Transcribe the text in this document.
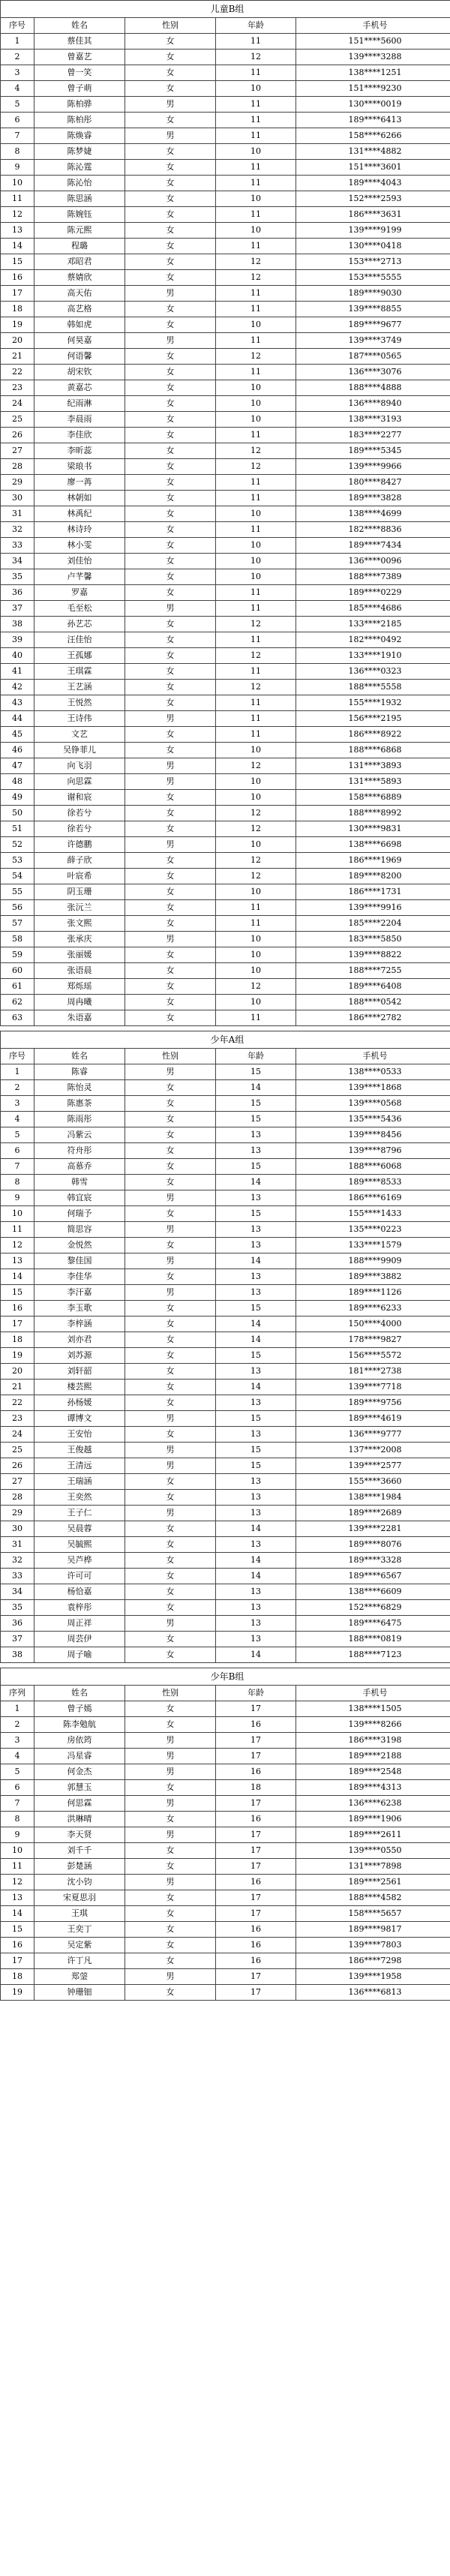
儿童B组
序号	姓名	性别	年龄	手机号
1	蔡佳其	女	11	151****5600
2	曾嘉艺	女	12	139****3288
3	曾一笑	女	11	138****1251
4	曾子萌	女	10	151****9230
5	陈柏骅	男	11	130****0019
6	陈柏彤	女	11	189****6413
7	陈焕睿	男	11	158****6266
8	陈梦婕	女	10	131****4882
9	陈沁霆	女	11	151****3601
10	陈沁怡	女	11	189****4043
11	陈思涵	女	10	152****2593
12	陈婉钰	女	11	186****3631
13	陈元熙	女	10	139****9199
14	程璐	女	11	130****0418
15	邓昭君	女	12	153****2713
16	蔡婧欣	女	12	153****5555
17	高天佑	男	11	189****9030
18	高艺格	女	11	139****8855
19	韩如虎	女	10	189****9677
20	何昊嘉	男	11	139****3749
21	何语馨	女	12	187****0565
22	胡宋钦	女	11	136****3076
23	黄嘉芯	女	10	188****4888
24	纪雨淋	女	10	136****8940
25	李晨雨	女	10	138****3193
26	李佳欣	女	11	183****2277
27	李昕蕊	女	12	189****5345
28	梁琅书	女	12	139****9966
29	廖一苒	女	11	180****8427
30	林朝如	女	11	189****3828
31	林禹纪	女	10	138****4699
32	林诗玲	女	11	182****8836
33	林小雯	女	10	189****7434
34	刘佳怡	女	10	136****0096
35	卢芊馨	女	10	188****7389
36	罗嘉	女	11	189****0229
37	毛至松	男	11	185****4686
38	孙艺芯	女	12	133****2185
39	汪佳怡	女	11	182****0492
40	王孤娜	女	12	133****1910
41	王琪霖	女	11	136****0323
42	王艺涵	女	12	188****5558
43	王悦然	女	11	155****1932
44	王诗伟	男	11	156****2195
45	文艺	女	11	186****8922
46	吴铮菲儿	女	10	188****6868
47	向飞羽	男	12	131****3893
48	向思霖	男	10	131****5893
49	谢和宸	女	10	158****6889
50	徐若兮	女	12	188****8992
51	徐若兮	女	12	130****9831
52	许德鹏	男	10	138****6698
53	薛子欣	女	12	186****1969
54	叶宸希	女	12	189****8200
55	阴玉珊	女	10	186****1731
56	张沅兰	女	11	139****9916
57	张文熙	女	11	185****2204
58	张承庆	男	10	183****5850
59	张丽媛	女	10	139****8822
60	张语晨	女	10	188****7255
61	郑烁瑶	女	12	189****6408
62	周冉曦	女	10	188****0542
63	朱语嘉	女	11	186****2782
少年A组
序号	姓名	性别	年龄	手机号
1	陈睿	男	15	138****0533
2	陈怡灵	女	14	139****1868
3	陈惠茶	女	15	139****0568
4	陈雨彤	女	15	135****5436
5	冯紫云	女	13	139****8456
6	符舟彤	女	13	139****8796
7	高慕乔	女	15	188****6068
8	韩雪	女	14	189****8533
9	韩宜宸	男	13	186****6169
10	何瑞予	女	15	155****1433
11	简思容	男	13	135****0223
12	金悦然	女	13	133****1579
13	黎佳国	男	14	188****9909
14	李佳华	女	13	189****3882
15	李汗嘉	男	13	189****1126
16	李玉歌	女	15	189****6233
17	李梓涵	女	14	150****4000
18	刘亦君	女	14	178****9827
19	刘苏源	女	15	156****5572
20	刘轩韶	女	13	181****2738
21	楼芸熙	女	14	139****7718
22	孙杨媛	女	13	189****9756
23	谭博文	男	15	189****4619
24	王安怡	女	13	136****9777
25	王俊越	男	15	137****2008
26	王清远	男	15	139****2577
27	王瑞涵	女	13	155****3660
28	王奕然	女	13	138****1984
29	王子仁	男	13	189****2689
30	吴晨蓉	女	14	139****2281
31	吴毓熙	女	13	189****8076
32	吴芦桦	女	14	189****3328
33	许可可	女	14	189****6567
34	杨恰嘉	女	13	138****6609
35	袁梓彤	女	13	152****6829
36	周正祥	男	13	189****6475
37	周芸伊	女	13	188****0819
38	周子喻	女	14	188****7123
少年B组
序列	姓名	性别	年龄	手机号
1	曾子嫣	女	17	138****1505
2	陈李勉航	女	16	139****8266
3	房依筠	男	17	186****3198
4	冯星睿	男	17	189****2188
5	何金杰	男	16	189****2548
6	郭慧玉	女	18	189****4313
7	何思霖	男	17	136****6238
8	洪琳晴	女	16	189****1906
9	李天贤	男	17	189****2611
10	刘千千	女	17	139****0550
11	彭楚涵	女	17	131****7898
12	沈小钧	男	16	189****2561
13	宋夏思羽	女	17	188****4582
14	王琪	女	17	158****5657
15	王奕丁	女	16	189****9817
16	吴定紫	女	16	139****7803
17	许丁凡	女	16	186****7298
18	郑蓥	男	17	139****1958
19	钟珊钿	女	17	136****6813
